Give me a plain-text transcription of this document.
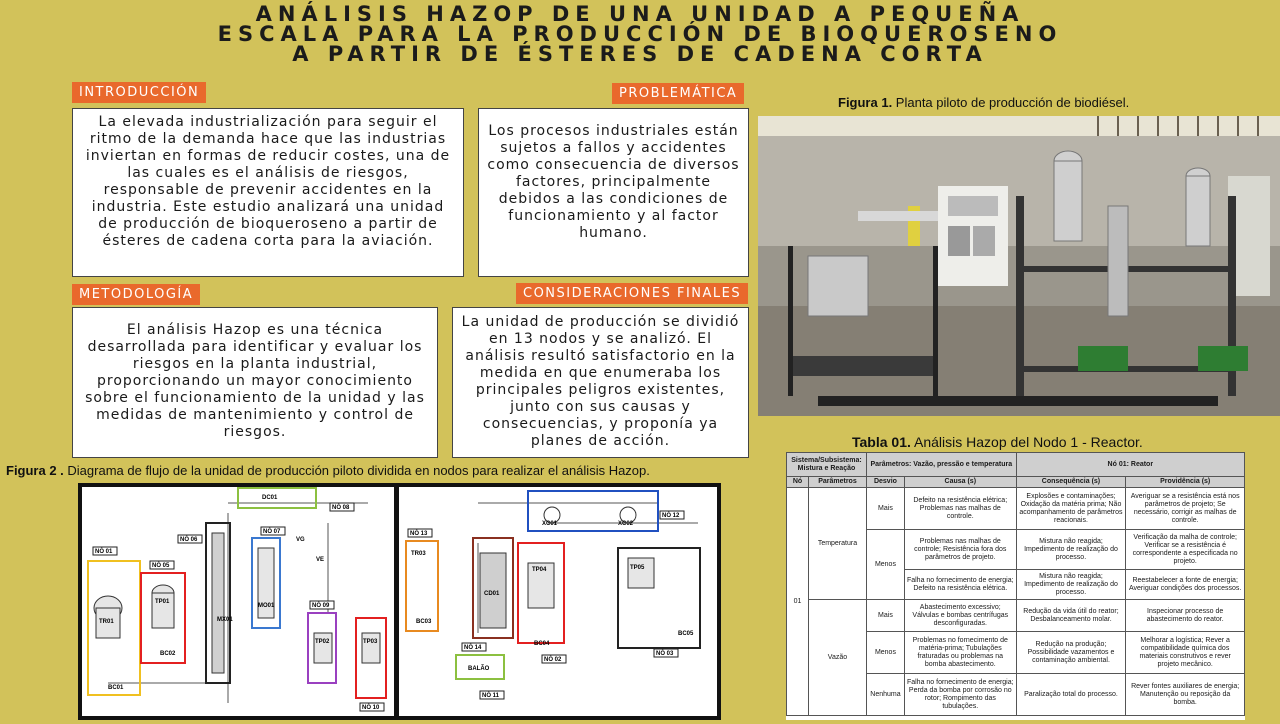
ANÁLISIS HAZOP DE UNA UNIDAD A PEQUEÑA
ESCALA PARA LA PRODUCCIÓN DE BIOQUEROSENO
A PARTIR DE ÉSTERES DE CADENA CORTA
INTRODUCCIÓN
La elevada industrialización para seguir el ritmo de la demanda hace que las industrias inviertan en formas de reducir costes, una de las cuales es el análisis de riesgos, responsable de prevenir accidentes en la industria. Este estudio analizará una unidad de producción de bioqueroseno a partir de ésteres de cadena corta para la aviación.
PROBLEMÁTICA
Los procesos industriales están sujetos a fallos y accidentes como consecuencia de diversos factores, principalmente debidos a las condiciones de funcionamiento y al factor humano.
METODOLOGÍA
El análisis Hazop es una técnica desarrollada para identificar y evaluar los riesgos en la planta industrial, proporcionando un mayor conocimiento sobre el funcionamiento de la unidad y las medidas de mantenimiento y control de riesgos.
CONSIDERACIONES FINALES
La unidad de producción se dividió en 13 nodos y se analizó. El análisis resultó satisfactorio en la medida en que enumeraba los principales peligros existentes, junto con sus causas y consecuencias, y proponía ya planes de acción.
Figura 1. Planta piloto de producción de biodiésel.
Figura 2 . Diagrama de flujo de la unidad de producción piloto dividida en nodos para realizar el análisis Hazop.
NÓ 01
NÓ 05
NÓ 06
NÓ 07
NÓ 08
NÓ 09
NÓ 10
NÓ 13
NÓ 14
NÓ 02
NÓ 03
NÓ 12
NÓ 11
TR01
TP01
MX01
MO01
DC01
TP02	TP03
TR03
CD01
TP04	TP05
XC01	XC02
BC01
BC02
BC03
BC04
BC05
BALÃO
VG
VE
Tabla 01. Análisis Hazop del Nodo 1 - Reactor.
Sistema/Subsistema: Mistura e Reação		Parâmetros: Vazão, pressão e temperatura		Nó 01: Reator	
Nó	Parâmetros	Desvio	Causa (s)	Consequência (s)	Providência (s)
01	Temperatura	Mais	Defeito na resistência elétrica; Problemas nas malhas de controle.	Explosões e contaminações; Oxidação da matéria prima; Não acompanhamento de parâmetros reacionais.	Averiguar se a resistência está nos parâmetros de projeto; Se necessário, corrigir as malhas de controle.
		Menos	Problemas nas malhas de controle; Resistência fora dos parâmetros de projeto.	Mistura não reagida; Impedimento de realização do processo.	Verificação da malha de controle; Verificar se a resistência é correspondente a especificada no projeto.
			Falha no fornecimento de energia; Defeito na resistência elétrica.	Mistura não reagida; Impedimento de realização do processo.	Reestabelecer a fonte de energia; Averiguar condições dos processos.
	Vazão	Mais	Abastecimento excessivo; Válvulas e bombas centrífugas desconfiguradas.	Redução da vida útil do reator; Desbalanceamento molar.	Inspecionar processo de abastecimento do reator.
		Menos	Problemas no fornecimento de matéria-prima; Tubulações fraturadas ou problemas na bomba abastecimento.	Redução na produção; Possibilidade vazamentos e contaminação ambiental.	Melhorar a logística; Rever a compatibilidade química dos materiais construtivos e rever projeto mecânico.
		Nenhuma	Falha no fornecimento de energia; Perda da bomba por corrosão no rotor; Rompimento das tubulações.	Paralização total do processo.	Rever fontes auxiliares de energia; Manutenção ou reposição da bomba.
